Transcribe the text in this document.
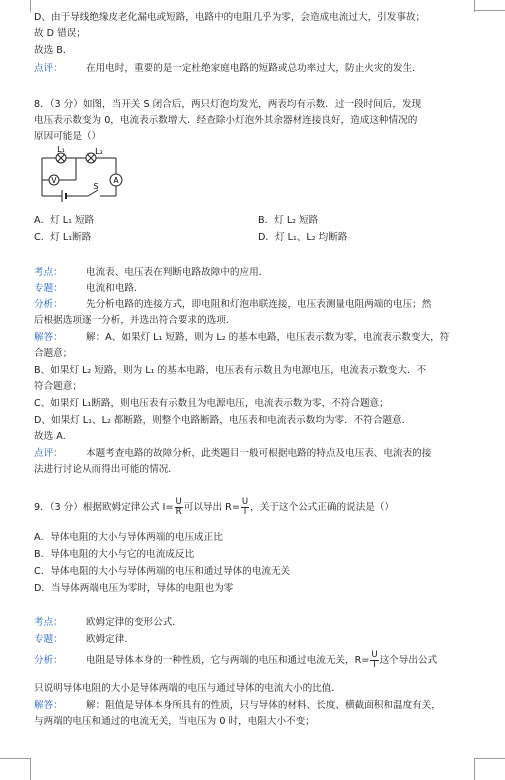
D、由于导线绝缘皮老化漏电或短路，电路中的电阻几乎为零，会造成电流过大，引发事故；
故 D 错误；
故选 B．
点评： 在用电时，重要的是一定杜绝家庭电路的短路或总功率过大，防止火灾的发生．
8．（3 分）如图，当开关 S 闭合后，两只灯泡均发光，两表均有示数．过一段时间后，发现
电压表示数变为 0，电流表示数增大．经查除小灯泡外其余器材连接良好，造成这种情况的
原因可能是（）
L₁	L₂
V	A
S
A．灯 L₁ 短路	B．灯 L₂ 短路
C．灯 L₁断路	D．灯 L₁、L₂ 均断路
考点： 电流表、电压表在判断电路故障中的应用．
专题： 电流和电路．
分析： 先分析电路的连接方式，即电阻和灯泡串联连接，电压表测量电阻两端的电压；然
后根据选项逐一分析，并选出符合要求的选项．
解答： 解：A、如果灯 L₁ 短路，则为 L₂ 的基本电路，电压表示数为零，电流表示数变大，符
合题意；
B、如果灯 L₂ 短路，则为 L₁ 的基本电路，电压表有示数且为电源电压，电流表示数变大．不
符合题意；
C、如果灯 L₁断路，则电压表有示数且为电源电压，电流表示数为零，不符合题意；
D、如果灯 L₁、L₂ 都断路，则整个电路断路，电压表和电流表示数均为零．不符合题意．
故选 A．
点评： 本题考查电路的故障分析，此类题目一般可根据电路的特点及电压表、电流表的接
法进行讨论从而得出可能的情况．
9．（3 分）根据欧姆定律公式 $I= \frac{U}{R}$ 可以导出 $R= \frac{U}{I}$ ，关于这个公式正确的说法是（）
A．导体电阻的大小与导体两端的电压成正比
B．导体电阻的大小与它的电流成反比
C．导体电阻的大小与导体两端的电压和通过导体的电流无关
D．当导体两端电压为零时，导体的电阻也为零
考点： 欧姆定律的变形公式．
专题： 欧姆定律．
分析： 电阻是导体本身的一种性质，它与两端的电压和通过电流无关，$R= \frac{U}{I}$ 这个导出公式
只说明导体电阻的大小是导体两端的电压与通过导体的电流大小的比值．
解答： 解：阻值是导体本身所具有的性质，只与导体的材料、长度、横截面积和温度有关，
与两端的电压和通过的电流无关，当电压为 0 时，电阻大小不变；
